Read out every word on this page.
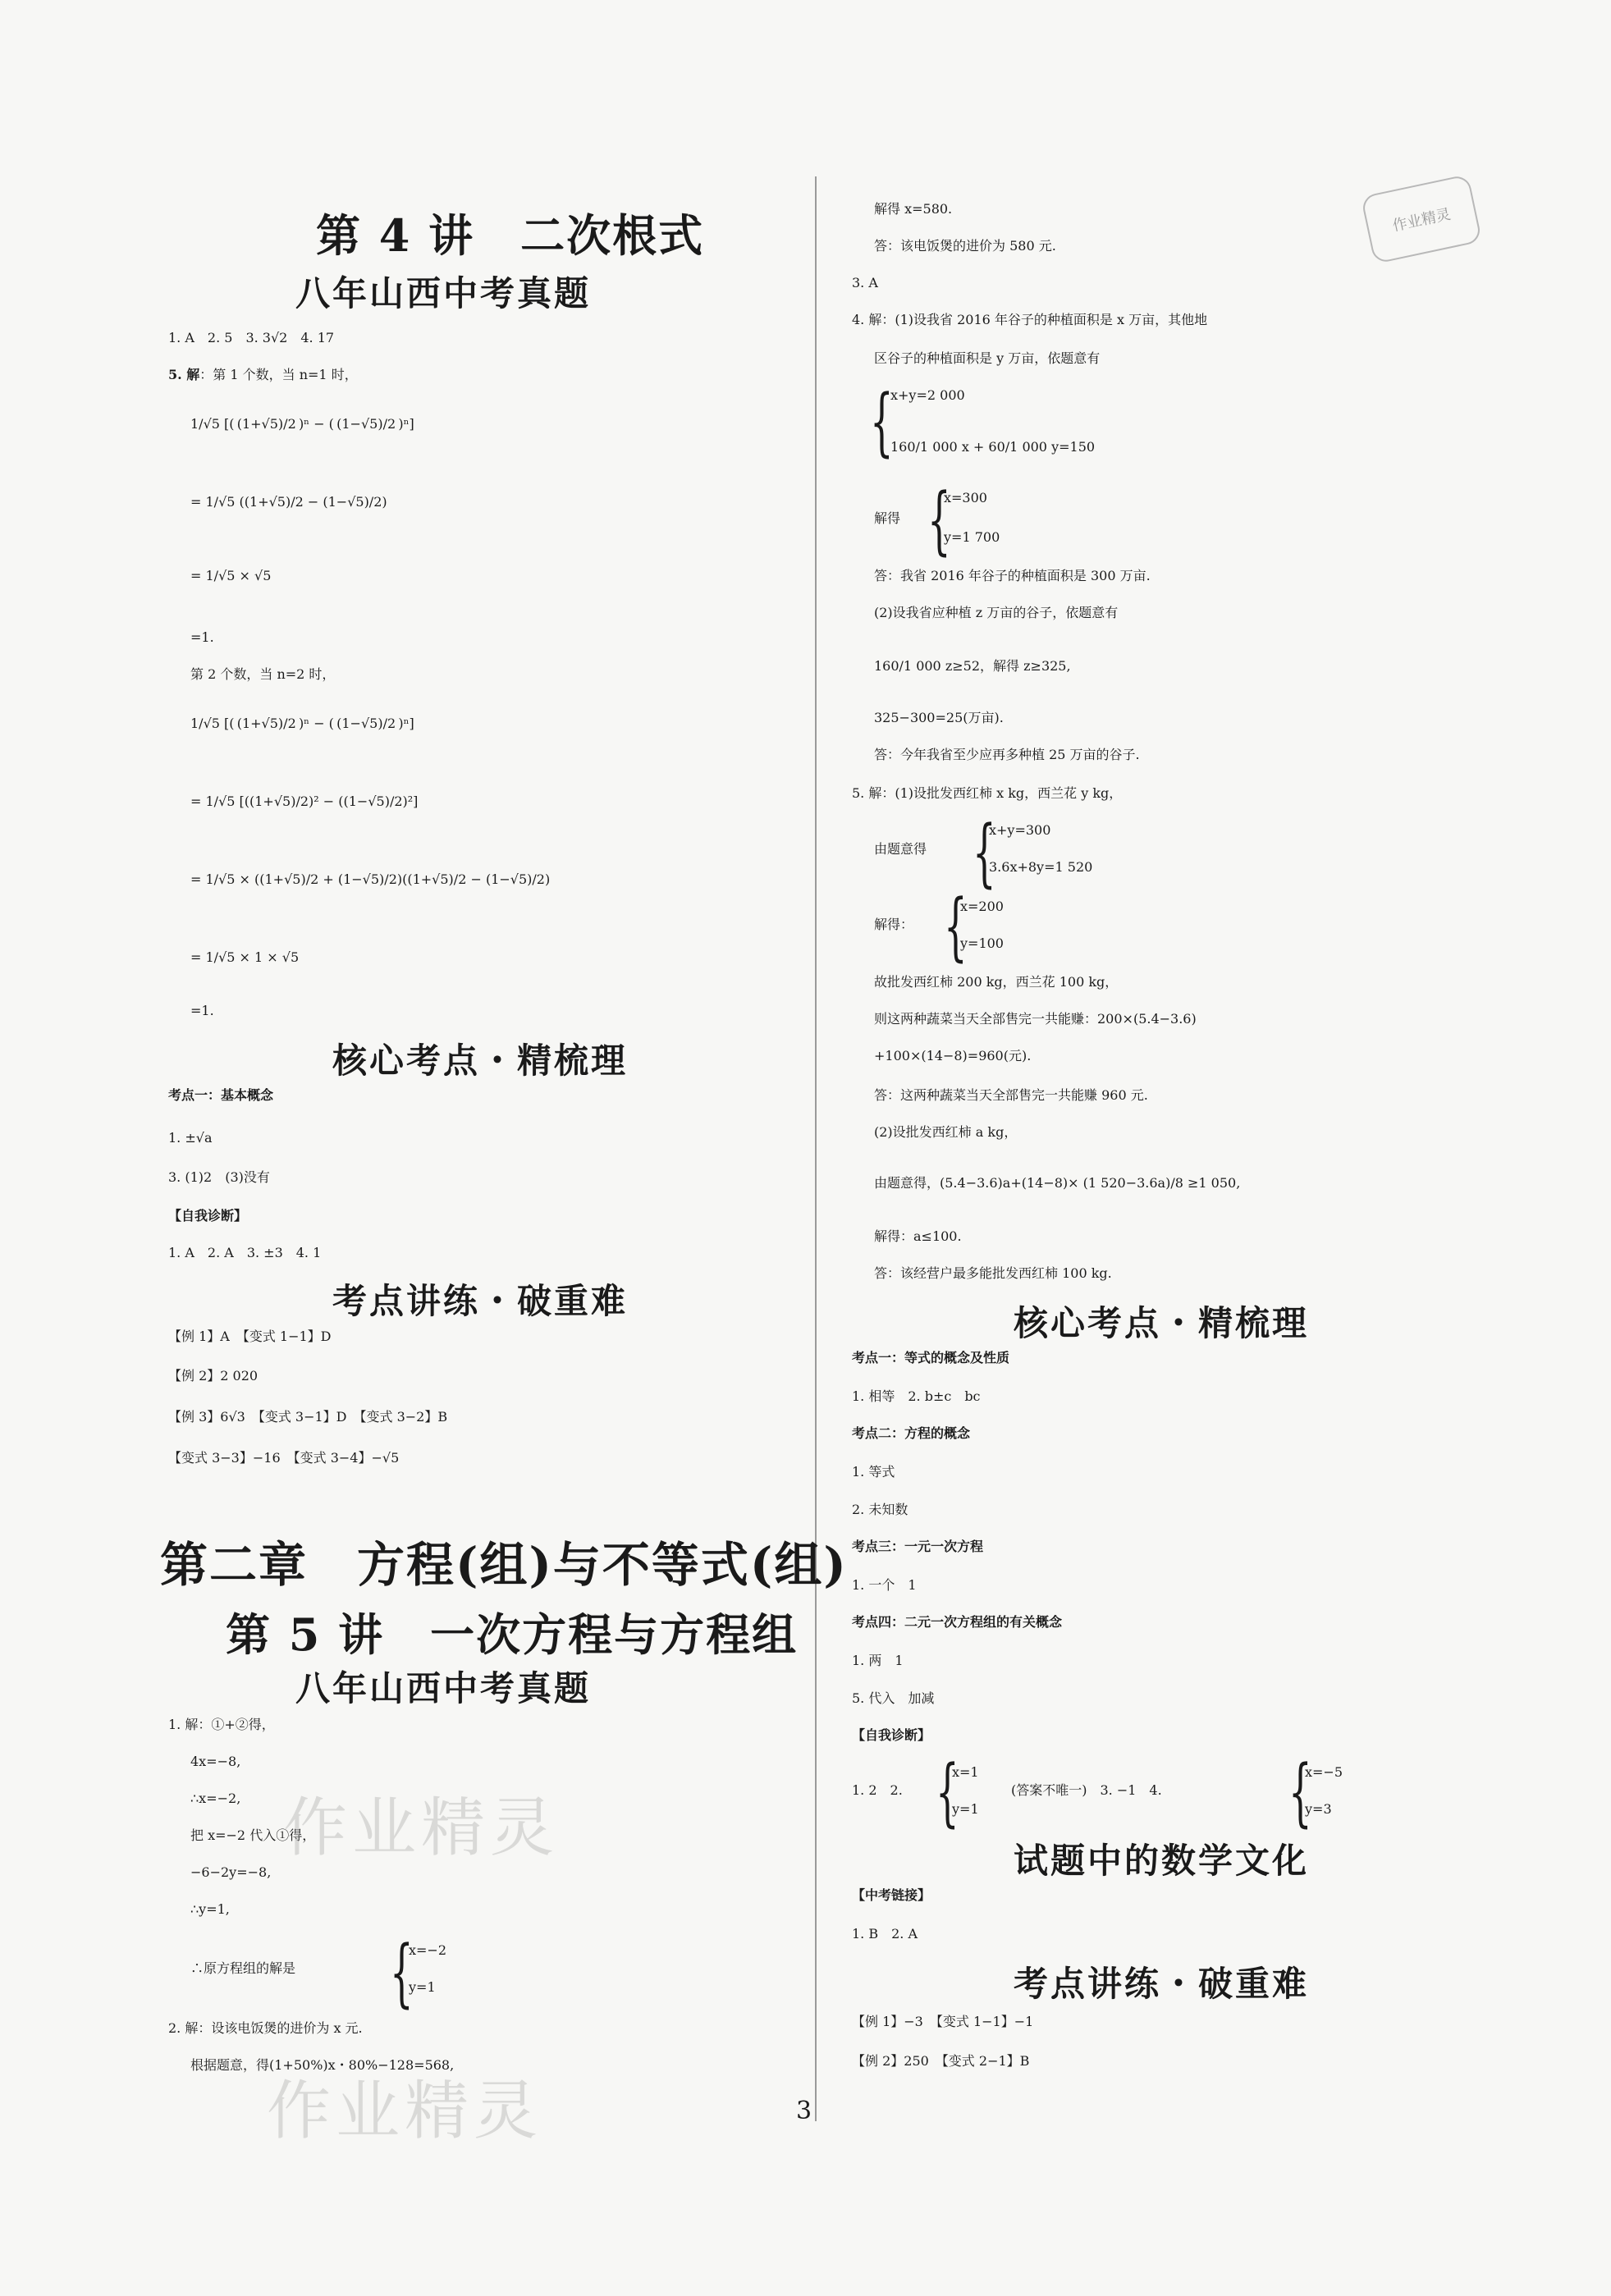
第 4 讲　二次根式
八年山西中考真题
1. A　2. 5　3. 3√2　4. 17
5. 解：第 1 个数，当 n=1 时，
1/√5 [( (1+√5)/2 )ⁿ − ( (1−√5)/2 )ⁿ]
= 1/√5 ((1+√5)/2 − (1−√5)/2)
= 1/√5 × √5
=1.
第 2 个数，当 n=2 时，
1/√5 [( (1+√5)/2 )ⁿ − ( (1−√5)/2 )ⁿ]
= 1/√5 [((1+√5)/2)² − ((1−√5)/2)²]
= 1/√5 × ((1+√5)/2 + (1−√5)/2)((1+√5)/2 − (1−√5)/2)
= 1/√5 × 1 × √5
=1.
核心考点・精梳理
考点一：基本概念
1. ±√a
3. (1)2　(3)没有
【自我诊断】
1. A　2. A　3. ±3　4. 1
考点讲练・破重难
【例 1】A　【变式 1−1】D
【例 2】2 020
【例 3】6√3　【变式 3−1】D　【变式 3−2】B
【变式 3−3】−16　【变式 3−4】−√5
第二章　方程(组)与不等式(组)
第 5 讲　一次方程与方程组
八年山西中考真题
1. 解：①+②得，
4x=−8,
∴x=−2,
把 x=−2 代入①得，
−6−2y=−8,
∴y=1,
∴原方程组的解是 {
x=−2
y=1
2. 解：设该电饭煲的进价为 x 元.
根据题意，得(1+50%)x・80%−128=568,
作业精灵
解得 x=580.
答：该电饭煲的进价为 580 元.
3. A
4. 解：(1)设我省 2016 年谷子的种植面积是 x 万亩，其他地
区谷子的种植面积是 y 万亩，依题意有
{
x+y=2 000
160/1 000 x + 60/1 000 y=150
解得 {
x=300
y=1 700
答：我省 2016 年谷子的种植面积是 300 万亩.
(2)设我省应种植 z 万亩的谷子，依题意有
160/1 000 z≥52，解得 z≥325,
325−300=25(万亩).
答：今年我省至少应再多种植 25 万亩的谷子.
5. 解：(1)设批发西红柿 x kg，西兰花 y kg，
由题意得 {
x+y=300
3.6x+8y=1 520
解得： {
x=200
y=100
故批发西红柿 200 kg，西兰花 100 kg，
则这两种蔬菜当天全部售完一共能赚：200×(5.4−3.6)
+100×(14−8)=960(元).
答：这两种蔬菜当天全部售完一共能赚 960 元.
(2)设批发西红柿 a kg，
由题意得，(5.4−3.6)a+(14−8)× (1 520−3.6a)/8 ≥1 050,
解得：a≤100.
答：该经营户最多能批发西红柿 100 kg.
核心考点・精梳理
考点一：等式的概念及性质
1. 相等　2. b±c　bc
考点二：方程的概念
1. 等式
2. 未知数
考点三：一元一次方程
1. 一个　1
考点四：二元一次方程组的有关概念
1. 两　1
5. 代入　加减
【自我诊断】
1. 2　2. {
x=1
y=1
(答案不唯一)　3. −1　4. {
x=−5
y=3
试题中的数学文化
【中考链接】
1. B　2. A
考点讲练・破重难
【例 1】−3　【变式 1−1】−1
【例 2】250　【变式 2−1】B
作业精灵
作业精灵	3
